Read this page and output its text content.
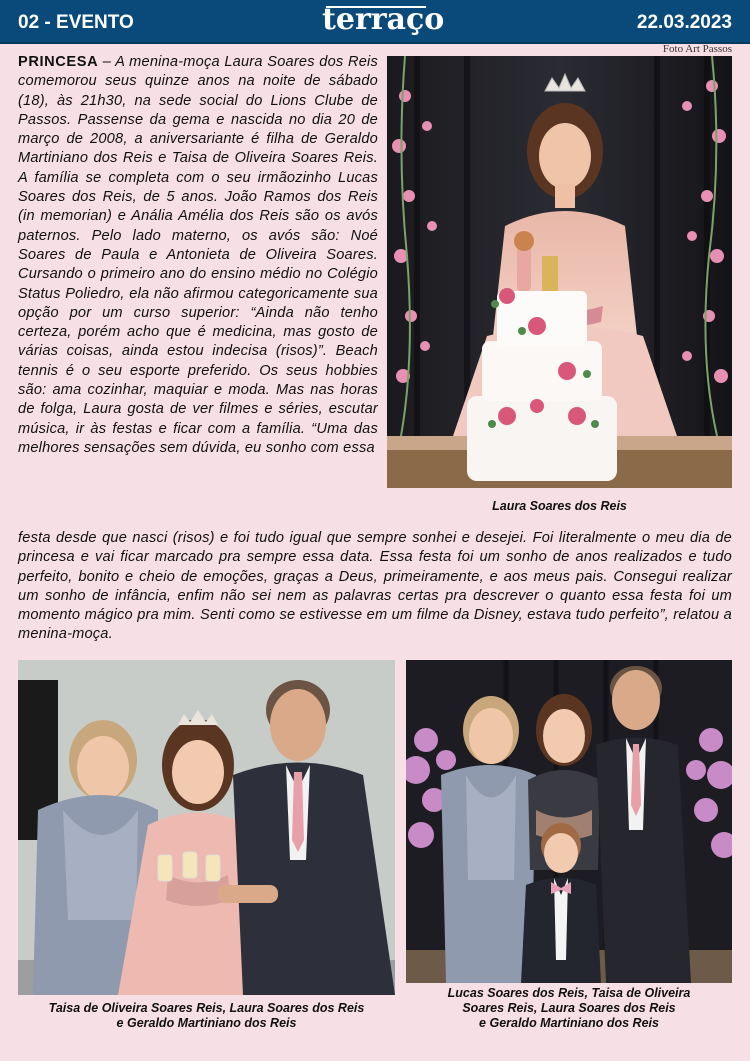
02 - EVENTO	terraço	22.03.2023
Foto Art Passos
PRINCESA – A menina-moça Laura Soares dos Reis comemorou seus quinze anos na noite de sábado (18), às 21h30, na sede social do Lions Clube de Passos. Passense da gema e nascida no dia 20 de março de 2008, a aniversariante é filha de Geraldo Martiniano dos Reis e Taisa de Oliveira Soares Reis. A família se completa com o seu irmãozinho Lucas Soares dos Reis, de 5 anos. João Ramos dos Reis (in memorian) e Anália Amélia dos Reis são os avós paternos. Pelo lado materno, os avós são: Noé Soares de Paula e Antonieta de Oliveira Soares. Cursando o primeiro ano do ensino médio no Colégio Status Poliedro, ela não afirmou categoricamente sua opção por um curso superior: “Ainda não tenho certeza, porém acho que é medicina, mas gosto de várias coisas, ainda estou indecisa (risos)”. Beach tennis é o seu esporte preferido. Os seus hobbies são: ama cozinhar, maquiar e moda. Mas nas horas de folga, Laura gosta de ver filmes e séries, escutar música, ir às festas e ficar com a família. “Uma das melhores sensações sem dúvida, eu sonho com essa
festa desde que nasci (risos) e foi tudo igual que sempre sonhei e desejei. Foi literalmente o meu dia de princesa e vai ficar marcado pra sempre essa data. Essa festa foi um sonho de anos realizados e tudo perfeito, bonito e cheio de emoções, graças a Deus, primeiramente, e aos meus pais. Consegui realizar um sonho de infância, enfim não sei nem as palavras certas pra descrever o quanto essa festa foi um momento mágico pra mim. Senti como se estivesse em um filme da Disney, estava tudo perfeito”, relatou a menina-moça.
Laura Soares dos Reis
Taisa de Oliveira Soares Reis, Laura Soares dos Reis
e Geraldo Martiniano dos Reis
Lucas Soares dos Reis, Taisa de Oliveira
Soares Reis, Laura Soares dos Reis
e Geraldo Martiniano dos Reis
